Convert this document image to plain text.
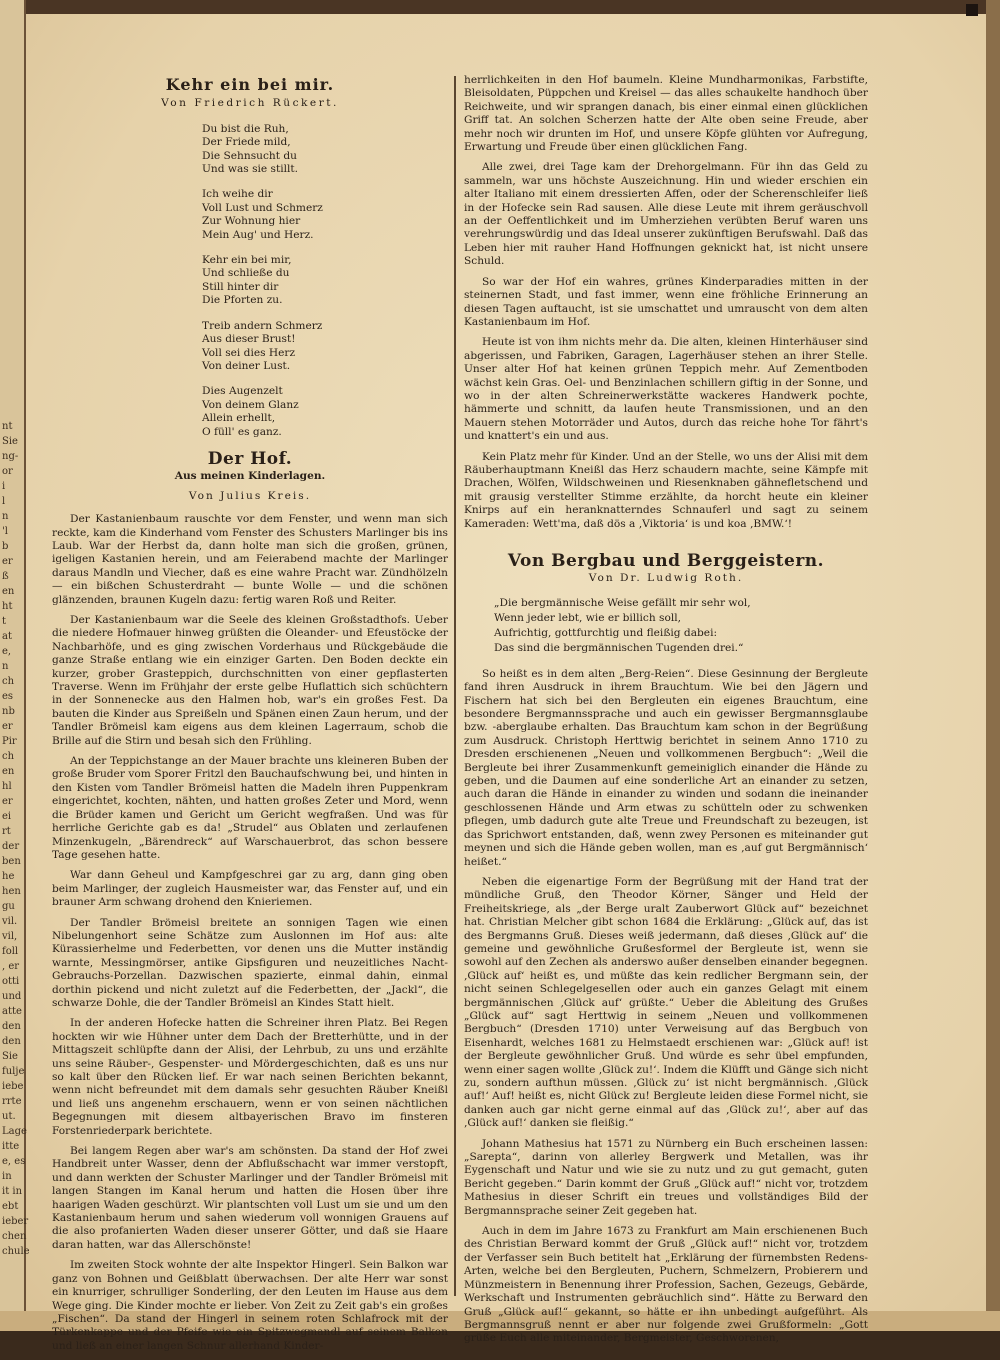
nt
Sie
ng-
or
i
l
n
'l
b
er
ß
en
ht
t
at
e,
n
ch
es
nb
er
Pir
ch
en
hl
er
ei
rt
der
ben
he
hen
gu
vil.
vil,
foll
, er
otti
und
atte
den
den
Sie
fulje
iebe
rrte
ut.
Lage
itte
e, es
in
it in
ebt
ieber
chen
chule
Kehr ein bei mir.
Von Friedrich Rückert.
Du bist die Ruh,
Der Friede mild,
Die Sehnsucht du
Und was sie stillt.
Ich weihe dir
Voll Lust und Schmerz
Zur Wohnung hier
Mein Aug' und Herz.
Kehr ein bei mir,
Und schließe du
Still hinter dir
Die Pforten zu.
Treib andern Schmerz
Aus dieser Brust!
Voll sei dies Herz
Von deiner Lust.
Dies Augenzelt
Von deinem Glanz
Allein erhellt,
O füll' es ganz.
Der Hof.
Aus meinen Kinderlagen.
Von Julius Kreis.

Der Kastanienbaum rauschte vor dem Fenster, und wenn man sich reckte, kam die Kinderhand vom Fenster des Schusters Marlinger bis ins Laub. War der Herbst da, dann holte man sich die großen, grünen, igeligen Kastanien herein, und am Feierabend machte der Marlinger daraus Mandln und Viecher, daß es eine wahre Pracht war. Zündhölzeln — ein bißchen Schusterdraht — bunte Wolle — und die schönen glänzenden, braunen Kugeln dazu: fertig waren Roß und Reiter.

Der Kastanienbaum war die Seele des kleinen Großstadthofs. Ueber die niedere Hofmauer hinweg grüßten die Oleander- und Efeustöcke der Nachbarhöfe, und es ging zwischen Vorderhaus und Rückgebäude die ganze Straße entlang wie ein einziger Garten. Den Boden deckte ein kurzer, grober Grasteppich, durchschnitten von einer gepflasterten Traverse. Wenn im Frühjahr der erste gelbe Huflattich sich schüchtern in der Sonnenecke aus den Halmen hob, war's ein großes Fest. Da bauten die Kinder aus Spreißeln und Spänen einen Zaun herum, und der Tandler Brömeisl kam eigens aus dem kleinen Lagerraum, schob die Brille auf die Stirn und besah sich den Frühling.

An der Teppichstange an der Mauer brachte uns kleineren Buben der große Bruder vom Sporer Fritzl den Bauchaufschwung bei, und hinten in den Kisten vom Tandler Brömeisl hatten die Madeln ihren Puppenkram eingerichtet, kochten, nähten, und hatten großes Zeter und Mord, wenn die Brüder kamen und Gericht um Gericht wegfraßen. Und was für herrliche Gerichte gab es da! „Strudel“ aus Oblaten und zerlaufenen Minzenkugeln, „Bärendreck“ auf Warschauerbrot, das schon bessere Tage gesehen hatte.

War dann Geheul und Kampfgeschrei gar zu arg, dann ging oben beim Marlinger, der zugleich Hausmeister war, das Fenster auf, und ein brauner Arm schwang drohend den Knieriemen.

Der Tandler Brömeisl breitete an sonnigen Tagen wie einen Nibelungenhort seine Schätze zum Auslonnen im Hof aus: alte Kürassierhelme und Federbetten, vor denen uns die Mutter inständig warnte, Messingmörser, antike Gipsfiguren und neuzeitliches Nacht-Gebrauchs-Porzellan. Dazwischen spazierte, einmal dahin, einmal dorthin pickend und nicht zuletzt auf die Federbetten, der „Jackl“, die schwarze Dohle, die der Tandler Brömeisl an Kindes Statt hielt.

In der anderen Hofecke hatten die Schreiner ihren Platz. Bei Regen hockten wir wie Hühner unter dem Dach der Bretterhütte, und in der Mittagszeit schlüpfte dann der Alisi, der Lehrbub, zu uns und erzählte uns seine Räuber-, Gespenster- und Mördergeschichten, daß es uns nur so kalt über den Rücken lief. Er war nach seinen Berichten bekannt, wenn nicht befreundet mit dem damals sehr gesuchten Räuber Kneißl und ließ uns angenehm erschauern, wenn er von seinen nächtlichen Begegnungen mit diesem altbayerischen Bravo im finsteren Forstenriederpark berichtete.

Bei langem Regen aber war's am schönsten. Da stand der Hof zwei Handbreit unter Wasser, denn der Abflußschacht war immer verstopft, und dann werkten der Schuster Marlinger und der Tandler Brömeisl mit langen Stangen im Kanal herum und hatten die Hosen über ihre haarigen Waden geschürzt. Wir plantschten voll Lust um sie und um den Kastanienbaum herum und sahen wiederum voll wonnigen Grauens auf die also profanierten Waden dieser unserer Götter, und daß sie Haare daran hatten, war das Allerschönste!

Im zweiten Stock wohnte der alte Inspektor Hingerl. Sein Balkon war ganz von Bohnen und Geißblatt überwachsen. Der alte Herr war sonst ein knurriger, schrulliger Sonderling, der den Leuten im Hause aus dem Wege ging. Die Kinder mochte er lieber. Von Zeit zu Zeit gab's ein großes „Fischen“. Da stand der Hingerl in seinem roten Schlafrock mit der Türkenkappe und der Pfeife wie ein Spitzwegmandl auf seinem Balkon und ließ an einer langen Schnur allerhand Kinder-

herrlichkeiten in den Hof baumeln. Kleine Mundharmonikas, Farbstifte, Bleisoldaten, Püppchen und Kreisel — das alles schaukelte handhoch über Reichweite, und wir sprangen danach, bis einer einmal einen glücklichen Griff tat. An solchen Scherzen hatte der Alte oben seine Freude, aber mehr noch wir drunten im Hof, und unsere Köpfe glühten vor Aufregung, Erwartung und Freude über einen glücklichen Fang.

Alle zwei, drei Tage kam der Drehorgelmann. Für ihn das Geld zu sammeln, war uns höchste Auszeichnung. Hin und wieder erschien ein alter Italiano mit einem dressierten Affen, oder der Scherenschleifer ließ in der Hofecke sein Rad sausen. Alle diese Leute mit ihrem geräuschvoll an der Oeffentlichkeit und im Umherziehen verübten Beruf waren uns verehrungswürdig und das Ideal unserer zukünftigen Berufswahl. Daß das Leben hier mit rauher Hand Hoffnungen geknickt hat, ist nicht unsere Schuld.

So war der Hof ein wahres, grünes Kinderparadies mitten in der steinernen Stadt, und fast immer, wenn eine fröhliche Erinnerung an diesen Tagen auftaucht, ist sie umschattet und umrauscht von dem alten Kastanienbaum im Hof.

Heute ist von ihm nichts mehr da. Die alten, kleinen Hinterhäuser sind abgerissen, und Fabriken, Garagen, Lagerhäuser stehen an ihrer Stelle. Unser alter Hof hat keinen grünen Teppich mehr. Auf Zementboden wächst kein Gras. Oel- und Benzinlachen schillern giftig in der Sonne, und wo in der alten Schreinerwerkstätte wackeres Handwerk pochte, hämmerte und schnitt, da laufen heute Transmissionen, und an den Mauern stehen Motorräder und Autos, durch das reiche hohe Tor fährt's und knattert's ein und aus.

Kein Platz mehr für Kinder. Und an der Stelle, wo uns der Alisi mit dem Räuberhauptmann Kneißl das Herz schaudern machte, seine Kämpfe mit Drachen, Wölfen, Wildschweinen und Riesenknaben gähnefletschend und mit grausig verstellter Stimme erzählte, da horcht heute ein kleiner Knirps auf ein heranknatterndes Schnauferl und sagt zu seinem Kameraden: Wett'ma, daß dös a ‚Viktoria‘ is und koa ‚BMW.‘!

Von Bergbau und Berggeistern.
Von Dr. Ludwig Roth.
„Die bergmännische Weise gefällt mir sehr wol,
Wenn jeder lebt, wie er billich soll,
Aufrichtig, gottfurchtig und fleißig dabei:
Das sind die bergmännischen Tugenden drei.“

So heißt es in dem alten „Berg-Reien“. Diese Gesinnung der Bergleute fand ihren Ausdruck in ihrem Brauchtum. Wie bei den Jägern und Fischern hat sich bei den Bergleuten ein eigenes Brauchtum, eine besondere Bergmannssprache und auch ein gewisser Bergmannsglaube bzw. -aberglaube erhalten. Das Brauchtum kam schon in der Begrüßung zum Ausdruck. Christoph Herttwig berichtet in seinem Anno 1710 zu Dresden erschienenen „Neuen und vollkommenen Bergbuch“: „Weil die Bergleute bei ihrer Zusammenkunft gemeiniglich einander die Hände zu geben, und die Daumen auf eine sonderliche Art an einander zu setzen, auch daran die Hände in einander zu winden und sodann die ineinander geschlossenen Hände und Arm etwas zu schütteln oder zu schwenken pflegen, umb dadurch gute alte Treue und Freundschaft zu bezeugen, ist das Sprichwort entstanden, daß, wenn zwey Personen es miteinander gut meynen und sich die Hände geben wollen, man es ‚auf gut Bergmännisch‘ heißet.“

Neben die eigenartige Form der Begrüßung mit der Hand trat der mündliche Gruß, den Theodor Körner, Sänger und Held der Freiheitskriege, als „der Berge uralt Zauberwort Glück auf“ bezeichnet hat. Christian Melcher gibt schon 1684 die Erklärung: „Glück auf, das ist des Bergmanns Gruß. Dieses weiß jedermann, daß dieses ‚Glück auf‘ die gemeine und gewöhnliche Grußesformel der Bergleute ist, wenn sie sowohl auf den Zechen als anderswo außer denselben einander begegnen. ‚Glück auf‘ heißt es, und müßte das kein redlicher Bergmann sein, der nicht seinen Schlegelgesellen oder auch ein ganzes Gelagt mit einem bergmännischen ‚Glück auf‘ grüßte.“ Ueber die Ableitung des Grußes „Glück auf“ sagt Herttwig in seinem „Neuen und vollkommenen Bergbuch“ (Dresden 1710) unter Verweisung auf das Bergbuch von Eisenhardt, welches 1681 zu Helmstaedt erschienen war: „Glück auf! ist der Bergleute gewöhnlicher Gruß. Und würde es sehr übel empfunden, wenn einer sagen wollte ‚Glück zu!‘. Indem die Klüfft und Gänge sich nicht zu, sondern aufthun müssen. ‚Glück zu‘ ist nicht bergmännisch. ‚Glück auf!‘ Auf! heißt es, nicht Glück zu! Bergleute leiden diese Formel nicht, sie danken auch gar nicht gerne einmal auf das ‚Glück zu!‘, aber auf das ‚Glück auf!‘ danken sie fleißig.“

Johann Mathesius hat 1571 zu Nürnberg ein Buch erscheinen lassen: „Sarepta“, darinn von allerley Bergwerk und Metallen, was ihr Eygenschaft und Natur und wie sie zu nutz und zu gut gemacht, guten Bericht gegeben.“ Darin kommt der Gruß „Glück auf!“ nicht vor, trotzdem Mathesius in dieser Schrift ein treues und vollständiges Bild der Bergmannsprache seiner Zeit gegeben hat.

Auch in dem im Jahre 1673 zu Frankfurt am Main erschienenen Buch des Christian Berward kommt der Gruß „Glück auf!“ nicht vor, trotzdem der Verfasser sein Buch betitelt hat „Erklärung der fürnembsten Redens-Arten, welche bei den Bergleuten, Puchern, Schmelzern, Probierern und Münzmeistern in Benennung ihrer Profession, Sachen, Gezeugs, Gebärde, Werkschaft und Instrumenten gebräuchlich sind“. Hätte zu Berward den Gruß „Glück auf!“ gekannt, so hätte er ihn unbedingt aufgeführt. Als Bergmannsgruß nennt er aber nur folgende zwei Grußformeln: „Gott grüße Euch alle miteinander, Bergmeister, Geschworenen,
